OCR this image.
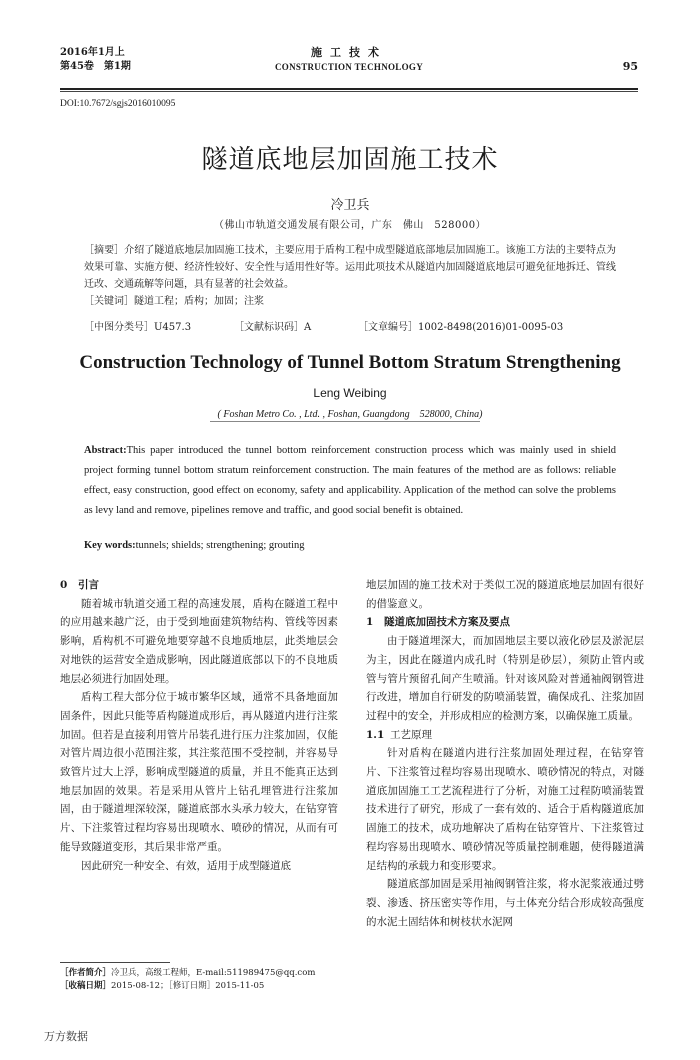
2016年1月上
第45卷　第1期
施工技术
CONSTRUCTION TECHNOLOGY	95
DOI:10.7672/sgjs2016010095
隧道底地层加固施工技术
冷卫兵
（佛山市轨道交通发展有限公司，广东　佛山　528000）

［摘要］介绍了隧道底地层加固施工技术，主要应用于盾构工程中成型隧道底部地层加固施工。该施工方法的主要特点为效果可靠、实施方便、经济性较好、安全性与适用性好等。运用此项技术从隧道内加固隧道底地层可避免征地拆迁、管线迁改、交通疏解等问题，具有显著的社会效益。

［关键词］隧道工程；盾构；加固；注浆

［中图分类号］U457.3	［文献标识码］A	［文章编号］1002-8498(2016)01-0095-03
Construction Technology of Tunnel Bottom Stratum Strengthening
Leng Weibing
( Foshan Metro Co. , Ltd. , Foshan, Guangdong　528000, China)
Abstract:This paper introduced the tunnel bottom reinforcement construction process which was mainly used in shield project forming tunnel bottom stratum reinforcement construction. The main features of the method are as follows: reliable effect, easy construction, good effect on economy, safety and applicability. Application of the method can solve the problems as levy land and remove, pipelines remove and traffic, and good social benefit is obtained.
Key words:tunnels; shields; strengthening; grouting

0 引言

随着城市轨道交通工程的高速发展，盾构在隧道工程中的应用越来越广泛，由于受到地面建筑物结构、管线等因素影响，盾构机不可避免地要穿越不良地质地层，此类地层会对地铁的运营安全造成影响，因此隧道底部以下的不良地质地层必须进行加固处理。

盾构工程大部分位于城市繁华区域，通常不具备地面加固条件，因此只能等盾构隧道成形后，再从隧道内进行注浆加固。但若是直接利用管片吊装孔进行压力注浆加固，仅能对管片周边很小范围注浆，其注浆范围不受控制，并容易导致管片过大上浮，影响成型隧道的质量，并且不能真正达到地层加固的效果。若是采用从管片上钻孔埋管进行注浆加固，由于隧道埋深较深，隧道底部水头承力较大，在钻穿管片、下注浆管过程均容易出现喷水、喷砂的情况，从而有可能导致隧道变形，其后果非常严重。

因此研究一种安全、有效，适用于成型隧道底

地层加固的施工技术对于类似工况的隧道底地层加固有很好的借鉴意义。

1 隧道底加固技术方案及要点

由于隧道埋深大，而加固地层主要以液化砂层及淤泥层为主，因此在隧道内成孔时（特别是砂层），须防止管内或管与管片预留孔间产生喷涌。针对该风险对普通袖阀钢管进行改进，增加自行研发的防喷涌装置，确保成孔、注浆加固过程中的安全，并形成相应的检测方案，以确保施工质量。

1.1 工艺原理

针对盾构在隧道内进行注浆加固处理过程，在钻穿管片、下注浆管过程均容易出现喷水、喷砂情况的特点，对隧道底加固施工工艺流程进行了分析，对施工过程防喷涌装置技术进行了研究，形成了一套有效的、适合于盾构隧道底加固施工的技术，成功地解决了盾构在钻穿管片、下注浆管过程均容易出现喷水、喷砂情况等质量控制难题，使得隧道满足结构的承载力和变形要求。

隧道底部加固是采用袖阀钢管注浆，将水泥浆液通过劈裂、渗透、挤压密实等作用，与土体充分结合形成较高强度的水泥土固结体和树枝状水泥网

［作者简介］冷卫兵，高级工程师，E-mail:511989475@qq.com
［收稿日期］2015-08-12；［修订日期］2015-11-05
万方数据
